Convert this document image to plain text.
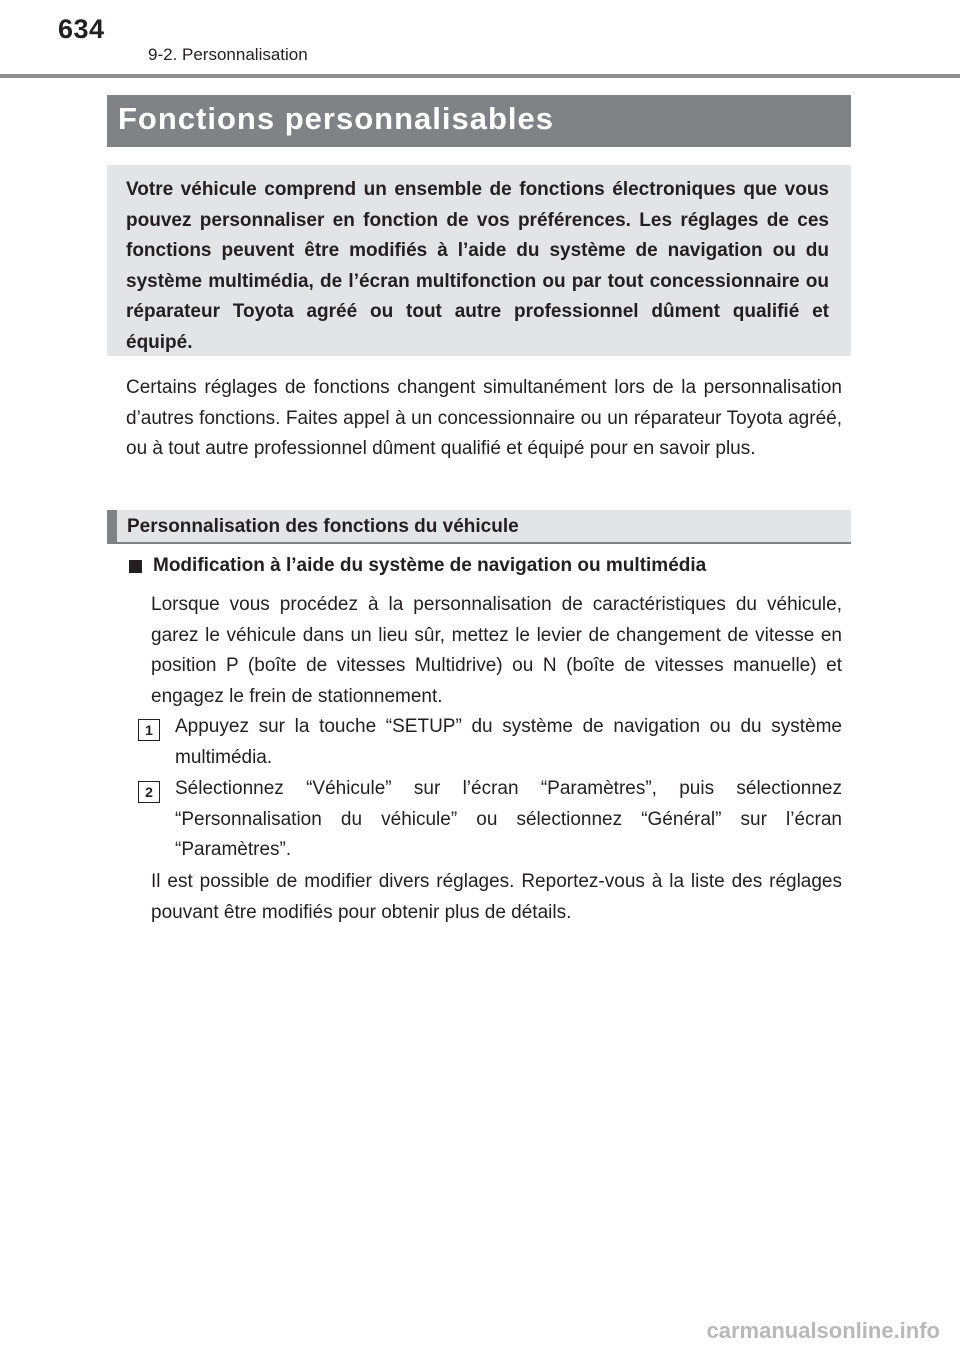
634
9-2. Personnalisation
Fonctions personnalisables
Votre véhicule comprend un ensemble de fonctions électroniques que vous pouvez personnaliser en fonction de vos préférences. Les réglages de ces fonctions peuvent être modifiés à l’aide du système de navigation ou du système multimédia, de l’écran multifonction ou par tout concessionnaire ou réparateur Toyota agréé ou tout autre professionnel dûment qualifié et équipé.

Certains réglages de fonctions changent simultanément lors de la personnalisation d’autres fonctions. Faites appel à un concessionnaire ou un réparateur Toyota agréé, ou à tout autre professionnel dûment qualifié et équipé pour en savoir plus.

Personnalisation des fonctions du véhicule
Modification à l’aide du système de navigation ou multimédia

Lorsque vous procédez à la personnalisation de caractéristiques du véhicule, garez le véhicule dans un lieu sûr, mettez le levier de changement de vitesse en position P (boîte de vitesses Multidrive) ou N (boîte de vitesses manuelle) et engagez le frein de stationnement.

1	Appuyez sur la touche “SETUP” du système de navigation ou du système multimédia.

2	Sélectionnez “Véhicule” sur l’écran “Paramètres”, puis sélectionnez “Personnalisation du véhicule” ou sélectionnez “Général” sur l’écran “Paramètres”.

Il est possible de modifier divers réglages. Reportez-vous à la liste des réglages pouvant être modifiés pour obtenir plus de détails.

carmanualsonline.info
